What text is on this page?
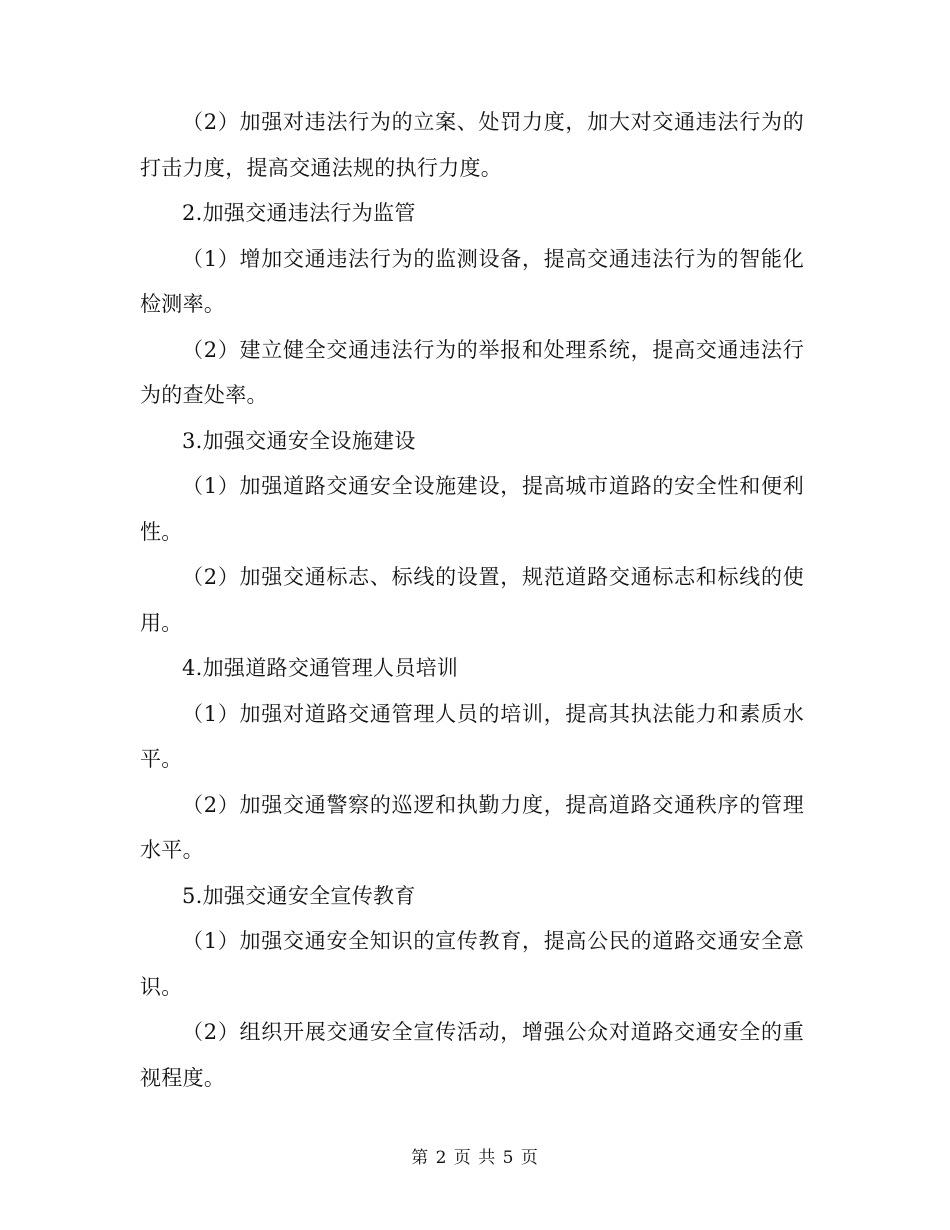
（2）加强对违法行为的立案、处罚力度，加大对交通违法行为的打击力度，提高交通法规的执行力度。

2.加强交通违法行为监管

（1）增加交通违法行为的监测设备，提高交通违法行为的智能化检测率。

（2）建立健全交通违法行为的举报和处理系统，提高交通违法行为的查处率。

3.加强交通安全设施建设

（1）加强道路交通安全设施建设，提高城市道路的安全性和便利性。

（2）加强交通标志、标线的设置，规范道路交通标志和标线的使用。

4.加强道路交通管理人员培训

（1）加强对道路交通管理人员的培训，提高其执法能力和素质水平。

（2）加强交通警察的巡逻和执勤力度，提高道路交通秩序的管理水平。

5.加强交通安全宣传教育

（1）加强交通安全知识的宣传教育，提高公民的道路交通安全意识。

（2）组织开展交通安全宣传活动，增强公众对道路交通安全的重视程度。

第 2 页 共 5 页
